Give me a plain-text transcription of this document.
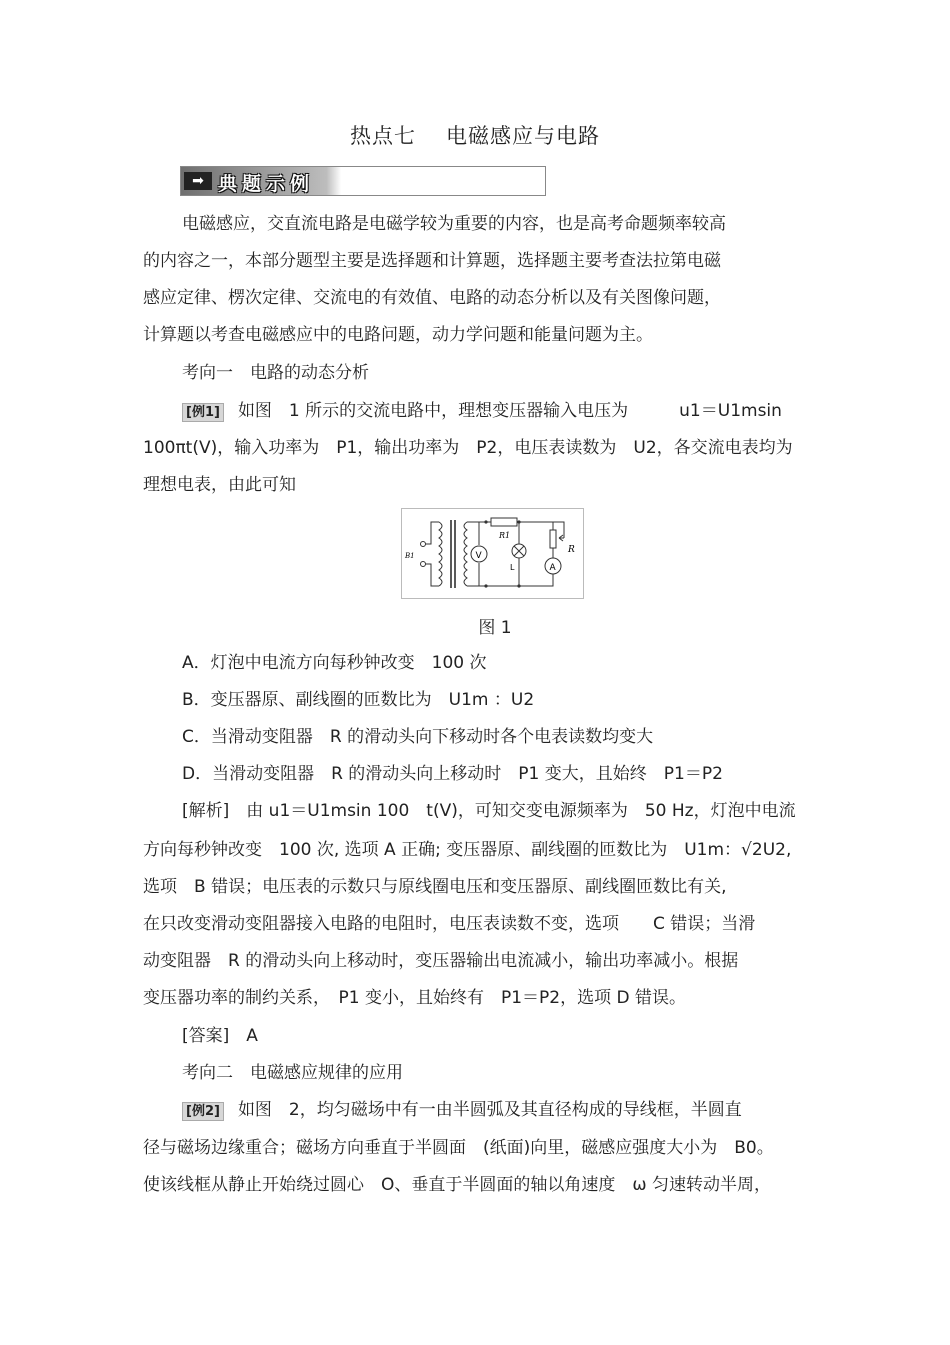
热点七 电磁感应与电路
➡ 典题示例
电磁感应，交直流电路是电磁学较为重要的内容，也是高考命题频率较高
的内容之一，本部分题型主要是选择题和计算题，选择题主要考查法拉第电磁
感应定律、楞次定律、交流电的有效值、电路的动态分析以及有关图像问题，
计算题以考查电磁感应中的电路问题，动力学问题和能量问题为主。
考向一　电路的动态分析
[例1] 如图　1 所示的交流电路中，理想变压器输入电压为　　　u1＝U1msin
100πt(V)，输入功率为　P1，输出功率为　P2，电压表读数为　U2，各交流电表均为
理想电表，由此可知
B1
R1
V
L
R
A
图 1
A．灯泡中电流方向每秒钟改变　100 次
B．变压器原、副线圈的匝数比为　U1m ：U2
C．当滑动变阻器　R 的滑动头向下移动时各个电表读数均变大
D．当滑动变阻器　R 的滑动头向上移动时　P1 变大，且始终　P1＝P2
[解析]　由 u1＝U1msin 100　t(V)，可知交变电源频率为　50 Hz，灯泡中电流
方向每秒钟改变　100 次, 选项 A 正确; 变压器原、副线圈的匝数比为　U1m：√2U2,
选项　B 错误；电压表的示数只与原线圈电压和变压器原、副线圈匝数比有关,
在只改变滑动变阻器接入电路的电阻时，电压表读数不变，选项　　C 错误；当滑
动变阻器　R 的滑动头向上移动时，变压器输出电流减小，输出功率减小。根据
变压器功率的制约关系，　P1 变小，且始终有　P1＝P2，选项 D 错误。
[答案]　A
考向二　电磁感应规律的应用
[例2] 如图　2，均匀磁场中有一由半圆弧及其直径构成的导线框，半圆直
径与磁场边缘重合；磁场方向垂直于半圆面　(纸面)向里，磁感应强度大小为　B0。
使该线框从静止开始绕过圆心　O、垂直于半圆面的轴以角速度　ω 匀速转动半周，
